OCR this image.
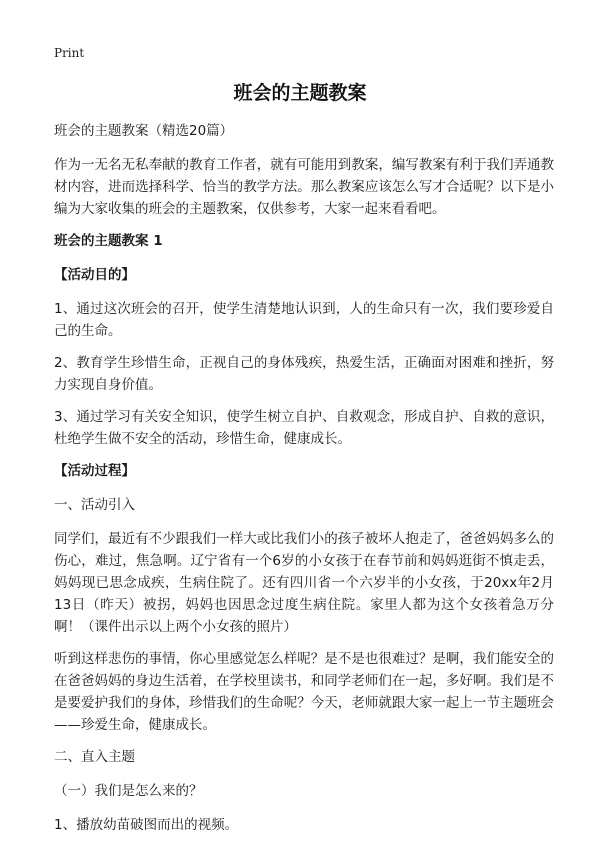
Print
班会的主题教案

班会的主题教案（精选20篇）

作为一无名无私奉献的教育工作者，就有可能用到教案，编写教案有利于我们弄通教材内容，进而选择科学、恰当的教学方法。那么教案应该怎么写才合适呢？以下是小编为大家收集的班会的主题教案，仅供参考，大家一起来看看吧。

班会的主题教案 1
【活动目的】

1、通过这次班会的召开，使学生清楚地认识到，人的生命只有一次，我们要珍爱自己的生命。

2、教育学生珍惜生命，正视自己的身体残疾，热爱生活，正确面对困难和挫折，努力实现自身价值。

3、通过学习有关安全知识，使学生树立自护、自救观念，形成自护、自救的意识，杜绝学生做不安全的活动，珍惜生命，健康成长。

【活动过程】

一、活动引入

同学们，最近有不少跟我们一样大或比我们小的孩子被坏人抱走了，爸爸妈妈多么的伤心，难过，焦急啊。辽宁省有一个6岁的小女孩于在春节前和妈妈逛街不慎走丢，妈妈现已思念成疾，生病住院了。还有四川省一个六岁半的小女孩，于20xx年2月13日（昨天）被拐，妈妈也因思念过度生病住院。家里人都为这个女孩着急万分啊！（课件出示以上两个小女孩的照片）

听到这样悲伤的事情，你心里感觉怎么样呢？是不是也很难过？是啊，我们能安全的在爸爸妈妈的身边生活着，在学校里读书，和同学老师们在一起，多好啊。我们是不是要爱护我们的身体，珍惜我们的生命呢？今天，老师就跟大家一起上一节主题班会——珍爱生命，健康成长。

二、直入主题

（一）我们是怎么来的？

1、播放幼苗破图而出的视频。
